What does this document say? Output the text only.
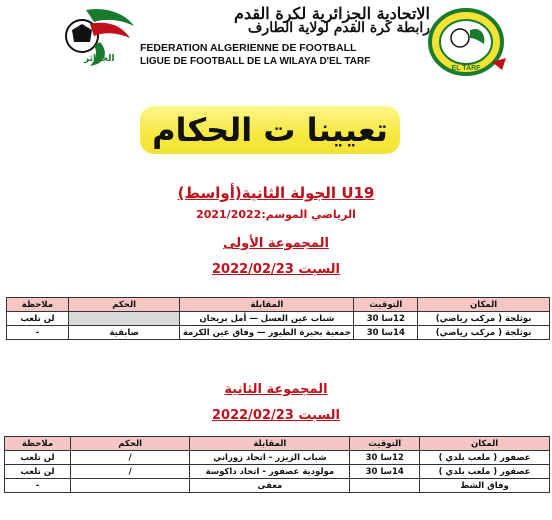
الجزائر
الاتحادية الجزائرية لكرة القدم
رابطة كرة القدم لولاية الطارف
FEDERATION ALGERIENNE DE FOOTBALL
LIGUE DE FOOTBALL DE LA WILAYA D'EL TARF
EL TARF
تعيينا ت الحكام
U19 الجولة الثانية(أواسط)
الرياضي الموسم:2021/2022
المجموعة الأولى
السبت 2022/02/23
المكان	التوقيت	المقابلة	الحكم	ملاحظة
بوثلجة ( مركب رياضي)	12سا 30	شباب عين العسل — أمل بريحان		لن تلعب
بوثلجة ( مركب رياضي)	14سا 30	جمعية بحيرة الطيور — وفاق عين الكرمة	صابقية	-
المجموعة الثانية
السبت 2022/02/23
المكان	التوقيت	المقابلة	الحكم	ملاحظة
عصفور ( ملعب بلدي )	12سا 30	شباب الزيزر - اتحاد زوراني	/	لن تلعب
عصفور ( ملعب بلدي )	14سا 30	مولودية عصفور - اتحاد داكوسة	/	لن تلعب
وفاق الشط		معفى		-
